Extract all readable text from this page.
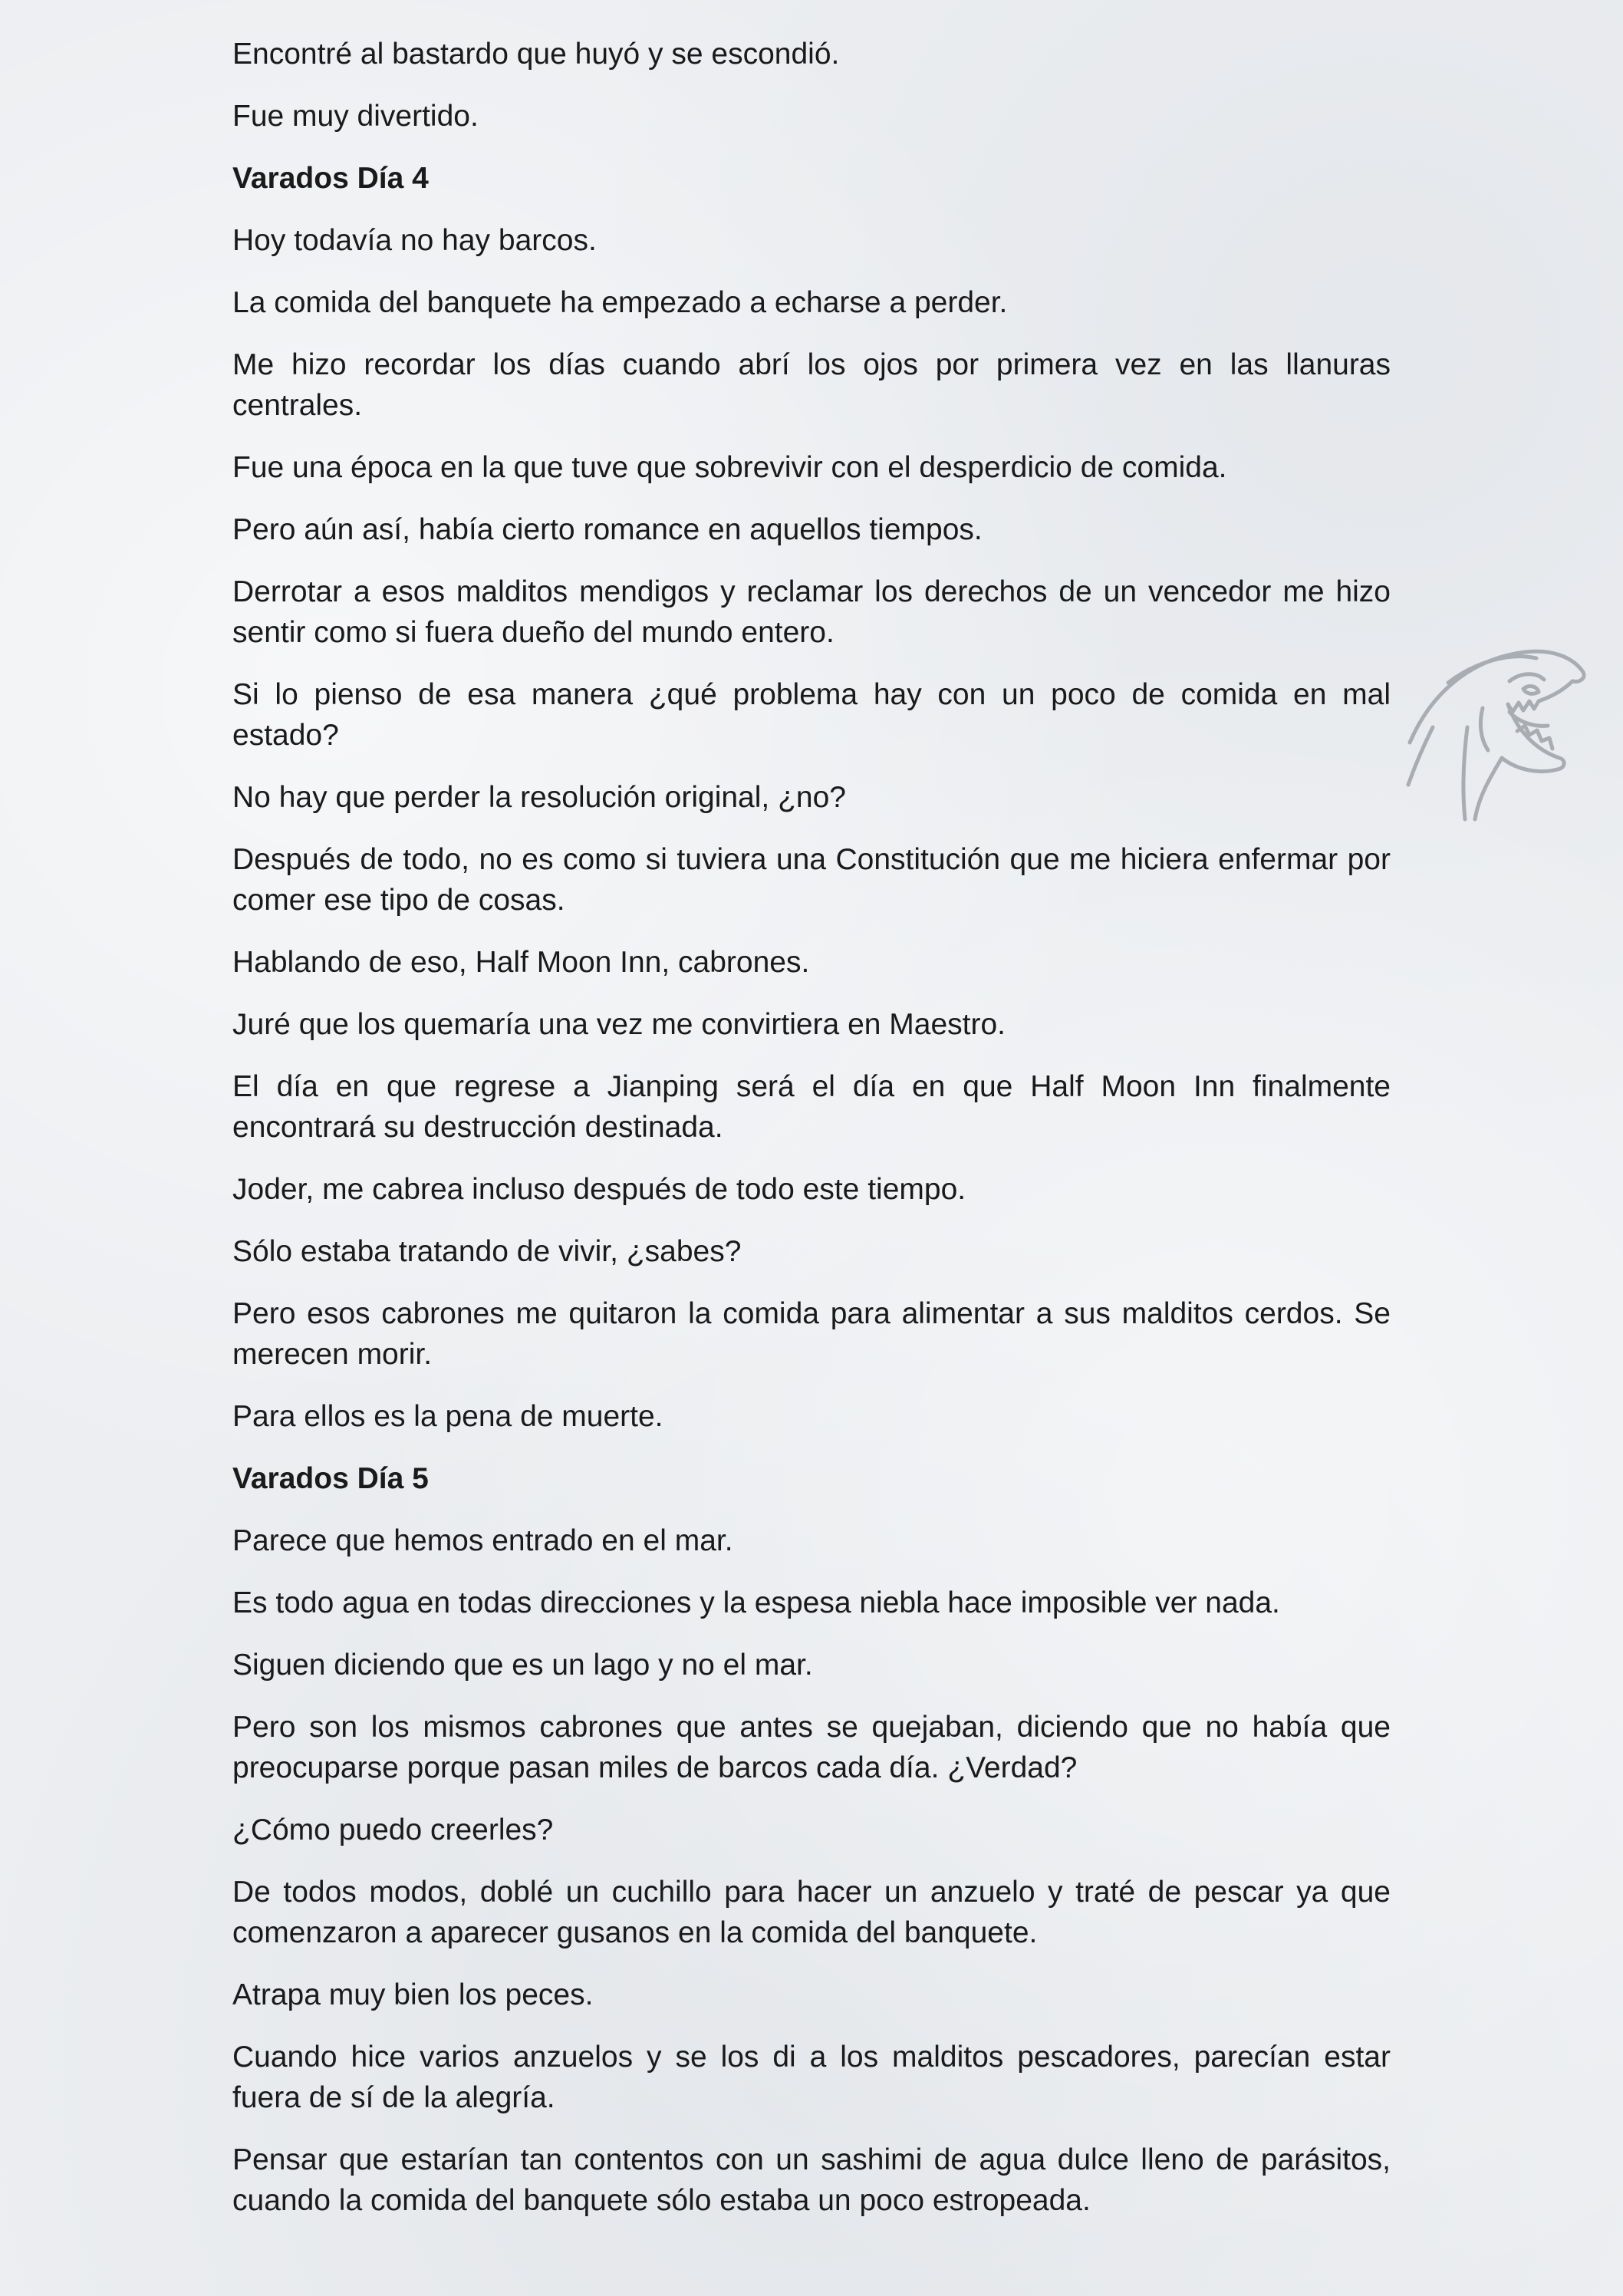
Encontré al bastardo que huyó y se escondió.

Fue muy divertido.

Varados Día 4

Hoy todavía no hay barcos.

La comida del banquete ha empezado a echarse a perder.

Me hizo recordar los días cuando abrí los ojos por primera vez en las llanuras centrales.

Fue una época en la que tuve que sobrevivir con el desperdicio de comida.

Pero aún así, había cierto romance en aquellos tiempos.

Derrotar a esos malditos mendigos y reclamar los derechos de un vencedor me hizo sentir como si fuera dueño del mundo entero.

Si lo pienso de esa manera ¿qué problema hay con un poco de comida en mal estado?

No hay que perder la resolución original, ¿no?

Después de todo, no es como si tuviera una Constitución que me hiciera enfermar por comer ese tipo de cosas.

Hablando de eso, Half Moon Inn, cabrones.

Juré que los quemaría una vez me convirtiera en Maestro.

El día en que regrese a Jianping será el día en que Half Moon Inn finalmente encontrará su destrucción destinada.

Joder, me cabrea incluso después de todo este tiempo.

Sólo estaba tratando de vivir, ¿sabes?

Pero esos cabrones me quitaron la comida para alimentar a sus malditos cerdos. Se merecen morir.

Para ellos es la pena de muerte.

Varados Día 5

Parece que hemos entrado en el mar.

Es todo agua en todas direcciones y la espesa niebla hace imposible ver nada.

Siguen diciendo que es un lago y no el mar.

Pero son los mismos cabrones que antes se quejaban, diciendo que no había que preocuparse porque pasan miles de barcos cada día. ¿Verdad?

¿Cómo puedo creerles?

De todos modos, doblé un cuchillo para hacer un anzuelo y traté de pescar ya que comenzaron a aparecer gusanos en la comida del banquete.

Atrapa muy bien los peces.

Cuando hice varios anzuelos y se los di a los malditos pescadores, parecían estar fuera de sí de la alegría.

Pensar que estarían tan contentos con un sashimi de agua dulce lleno de parásitos, cuando la comida del banquete sólo estaba un poco estropeada.
